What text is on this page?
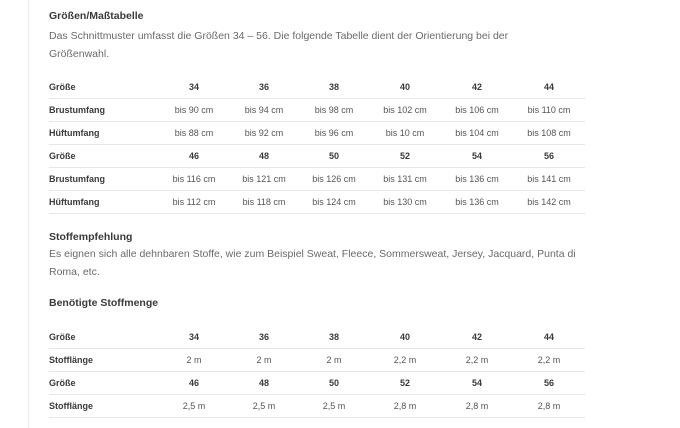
Größen/Maßtabelle

Das Schnittmuster umfasst die Größen 34 – 56. Die folgende Tabelle dient der Orientierung bei der Größenwahl.

Größe	34	36	38	40	42	44
Brustumfang	bis 90 cm	bis 94 cm	bis 98 cm	bis 102 cm	bis 106 cm	bis 110 cm
Hüftumfang	bis 88 cm	bis 92 cm	bis 96 cm	bis 10 cm	bis 104 cm	bis 108 cm
Größe	46	48	50	52	54	56
Brustumfang	bis 116 cm	bis 121 cm	bis 126 cm	bis 131 cm	bis 136 cm	bis 141 cm
Hüftumfang	bis 112 cm	bis 118 cm	bis 124 cm	bis 130 cm	bis 136 cm	bis 142 cm
Stoffempfehlung

Es eignen sich alle dehnbaren Stoffe, wie zum Beispiel Sweat, Fleece, Sommersweat, Jersey, Jacquard, Punta di Roma, etc.

Benötigte Stoffmenge
Größe	34	36	38	40	42	44
Stofflänge	2 m	2 m	2 m	2,2 m	2,2 m	2,2 m
Größe	46	48	50	52	54	56
Stofflänge	2,5 m	2,5 m	2,5 m	2,8 m	2,8 m	2,8 m
